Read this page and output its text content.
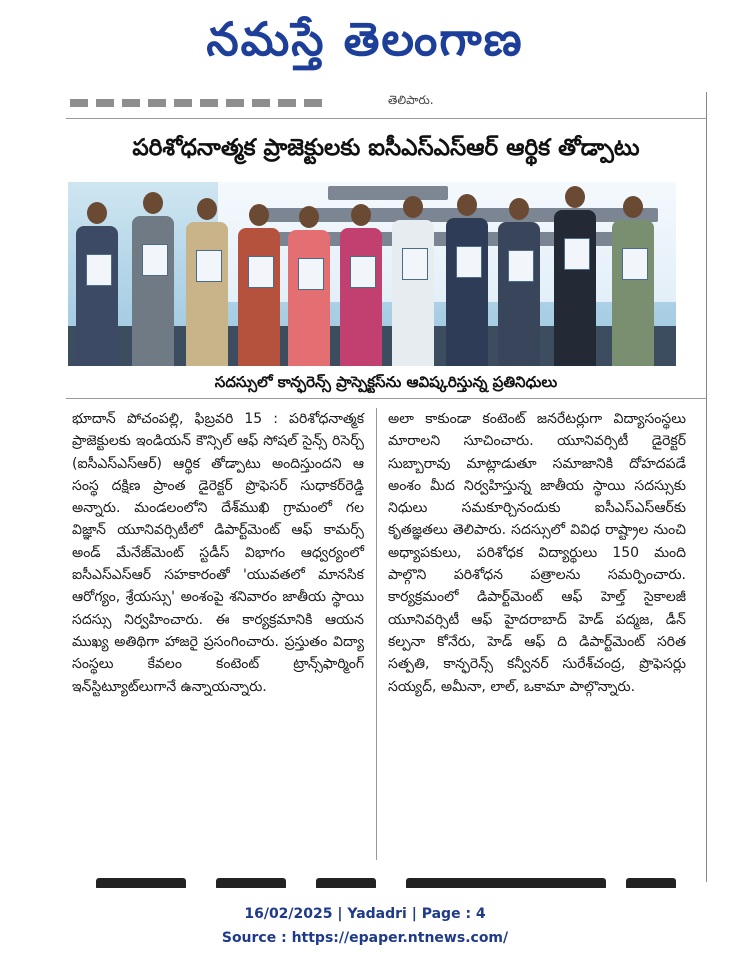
నమస్తే తెలంగాణ
తెలిపారు.
పరిశోధనాత్మక ప్రాజెక్టులకు ఐసీఎస్ఎస్ఆర్ ఆర్థిక తోడ్పాటు
సదస్సులో కాన్ఫరెన్స్ ప్రాస్పెక్టస్‌ను ఆవిష్కరిస్తున్న ప్రతినిధులు
భూదాన్ పోచంపల్లి, ఫిబ్రవరి 15 : పరిశోధనాత్మక ప్రాజెక్టులకు ఇండియన్ కౌన్సిల్ ఆఫ్ సోషల్ సైన్స్ రిసెర్చ్ (ఐసీఎస్ఎస్ఆర్) ఆర్థిక తోడ్పాటు అందిస్తుందని ఆ సంస్థ దక్షిణ ప్రాంత డైరెక్టర్ ప్రొఫెసర్ సుధాకర్‌రెడ్డి అన్నారు. మండలంలోని దేశ్‌ముఖి గ్రామంలో గల విజ్ఞాన్ యూనివర్సిటీలో డిపార్ట్‌మెంట్ ఆఫ్ కామర్స్ అండ్ మేనేజ్‌మెంట్ స్టడీస్ విభాగం ఆధ్వర్యంలో ఐసీఎస్ఎస్ఆర్ సహకారంతో 'యువతలో మానసిక ఆరోగ్యం, శ్రేయస్సు' అంశంపై శనివారం జాతీయ స్థాయి సదస్సు నిర్వహించారు. ఈ కార్యక్రమానికి ఆయన ముఖ్య అతిథిగా హాజరై ప్రసంగించారు. ప్రస్తుతం విద్యా సంస్థలు కేవలం కంటెంట్ ట్రాన్స్‌ఫార్మింగ్ ఇన్‌స్టిట్యూట్‌లుగానే ఉన్నాయన్నారు.
అలా కాకుండా కంటెంట్ జనరేటర్లుగా విద్యాసంస్థలు మారాలని సూచించారు. యూనివర్సిటీ డైరెక్టర్ సుబ్బారావు మాట్లాడుతూ సమాజానికి దోహదపడే అంశం మీద నిర్వహిస్తున్న జాతీయ స్థాయి సదస్సుకు నిధులు సమకూర్చినందుకు ఐసీఎస్ఎస్ఆర్‌కు కృతజ్ఞతలు తెలిపారు. సదస్సులో వివిధ రాష్ట్రాల నుంచి అధ్యాపకులు, పరిశోధక విద్యార్థులు 150 మంది పాల్గొని పరిశోధన పత్రాలను సమర్పించారు. కార్యక్రమంలో డిపార్ట్‌మెంట్ ఆఫ్ హెల్త్ సైకాలజీ యూనివర్సిటీ ఆఫ్ హైదరాబాద్ హెడ్ పద్మజ, డీన్ కల్పనా కోనేరు, హెడ్ ఆఫ్ ది డిపార్ట్‌మెంట్ సరిత సత్పతి, కాన్ఫరెన్స్ కన్వీనర్ సురేశ్‌చంద్ర, ప్రొఫెసర్లు సయ్యద్, అమీనా, లాల్, ఒకామా పాల్గొన్నారు.
16/02/2025 | Yadadri | Page : 4
Source : https://epaper.ntnews.com/
